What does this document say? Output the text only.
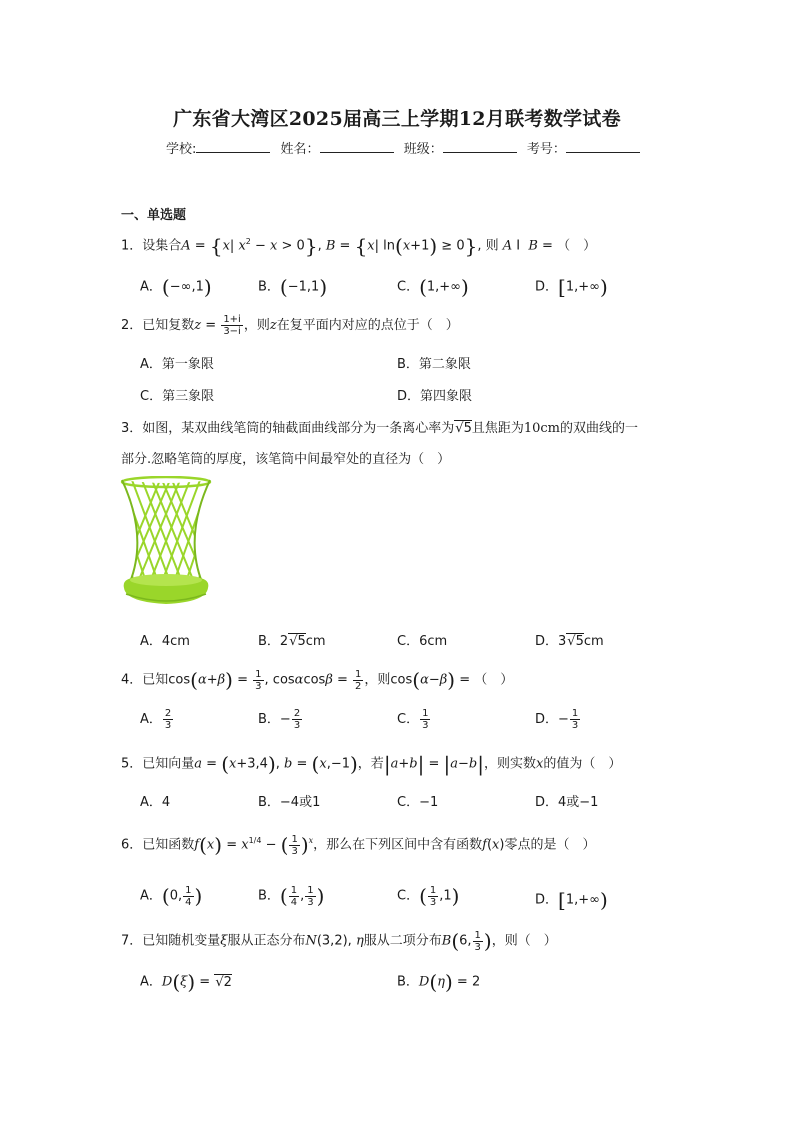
广东省大湾区2025届高三上学期12月联考数学试卷
学校:	姓名：	班级：	考号：
一、单选题
1．设集合A = {x| $x^2 - x > 0$}, B = {x| ln(x+1) ≥ 0}, 则 A I  B = （　）
A．(−∞,1)	B．(−1,1)	C．(1,+∞)	D．[1,+∞)
2．已知复数$z = \frac{1+i}{3-i}$ ，则z在复平面内对应的点位于（　）
A．第一象限	B．第二象限
C．第三象限	D．第四象限
3．如图，某双曲线笔筒的轴截面曲线部分为一条离心率为√5且焦距为10cm的双曲线的一
部分.忽略笔筒的厚度，该笔筒中间最窄处的直径为（　）
A．4cm	B．2√5cm	C．6cm	D．3√5cm
4．已知$\cos(\alpha+\beta) = \frac{1}{3}$ , $\cos\alpha\cos\beta = \frac{1}{2}$ ，则cos(α−β) = （　）
A． $\frac{2}{3}$	B．− $\frac{2}{3}$	C． $\frac{1}{3}$	D．− $\frac{1}{3}$
5．已知向量a = (x+3,4), b = (x,−1)，若|a+b| = |a−b|，则实数x的值为（　）
A．4	B．−4或1	C．−1	D．4或−1
6．已知函数$f(x) = x^{1/4}$ − ( $\frac{1}{3} )^x$，那么在下列区间中含有函数f(x)零点的是（　）
A．(0, $\frac{1}{4}$ )	B．( $\frac{1}{4}$ , $\frac{1}{3}$ )	C．( $\frac{1}{3} ,1$)	D．[1,+∞)
7．已知随机变量ξ服从正态分布N(3,2), η服从二项分布B(6, $\frac{1}{3}$ )，则（　）
A．D(ξ) = √2	B．D(η) = 2
